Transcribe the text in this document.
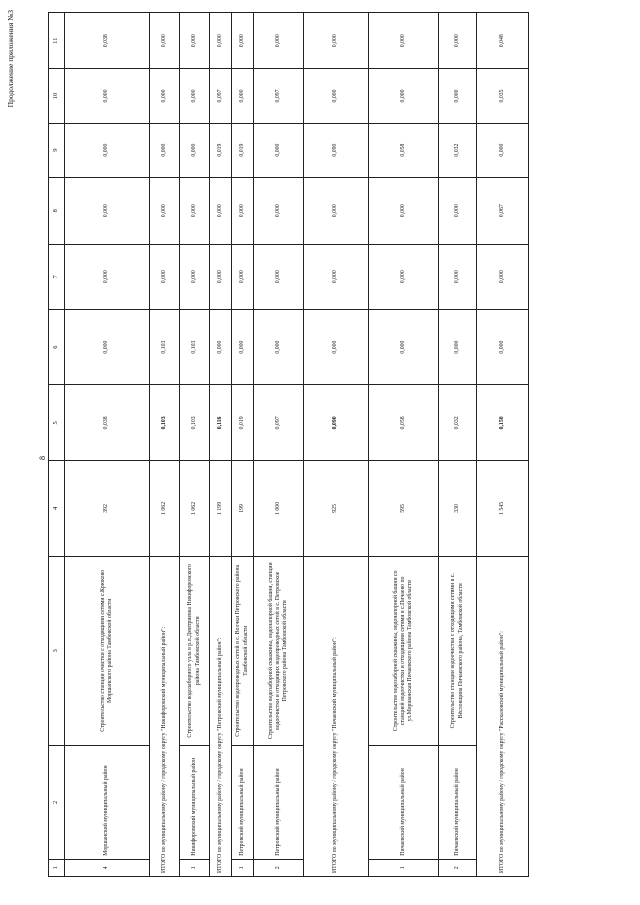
8
Продолжение приложения №3
1	2	3	4	5	6	7	8	9	10	11
4	Моршанский муниципальный район	Строительство станции очистки с отходящими сетями с.Крюково Моршанского района Тамбовской области	392	0,038	0,000	0,000	0,000	0,000	0,000	0,038
ИТОГО по муниципальному району / городскому округу "Никифоровский муниципальный район":			1 062	0,103	0,103	0,000	0,000	0,000	0,000	0,000
1	Никифоровский муниципальный район	Строительство водозаборного узла в р.п.Дмитриевка Никифоровского района Тамбовской области	1 062	0,103	0,103	0,000	0,000	0,000	0,000	0,000
ИТОГО по муниципальному району / городскому округу "Петровский муниципальный район":			1 199	0,116	0,000	0,000	0,000	0,019	0,097	0,000
1	Петровский муниципальный район	Строительство водопроводных сетей в с. Волчки Петровского района Тамбовской области	199	0,019	0,000	0,000	0,000	0,019	0,000	0,000
2	Петровский муниципальный район	Строительство водозаборной скважины, водонапорной башни, станции водоочистки и отходящих водопроводных сетей в с. Петровское Петровского района Тамбовской области	1 000	0,097	0,000	0,000	0,000	0,000	0,097	0,000
ИТОГО по муниципальному району / городскому округу "Пичаевский муниципальный район":			925	0,090	0,000	0,000	0,000	0,090	0,000	0,000
1	Пичаевский муниципальный район	Строительство водозаборной скважины, водонапорной башни со станцией водоочистки и отходящими сетями в с.Пичаево по ул.Моршанская Пичаевского района Тамбовской области	595	0,058	0,000	0,000	0,000	0,058	0,000	0,000
2	Пичаевский муниципальный район	Строительство станции водоочистки с отходящими сетями в с. Вёсловщина Пичаевского района, Тамбовской области	330	0,032	0,000	0,000	0,000	0,032	0,000	0,000
ИТОГО по муниципальному району / городскому округу "Рассказовский муниципальный район":			1 545	0,150	0,000	0,000	0,067	0,000	0,035	0,048
